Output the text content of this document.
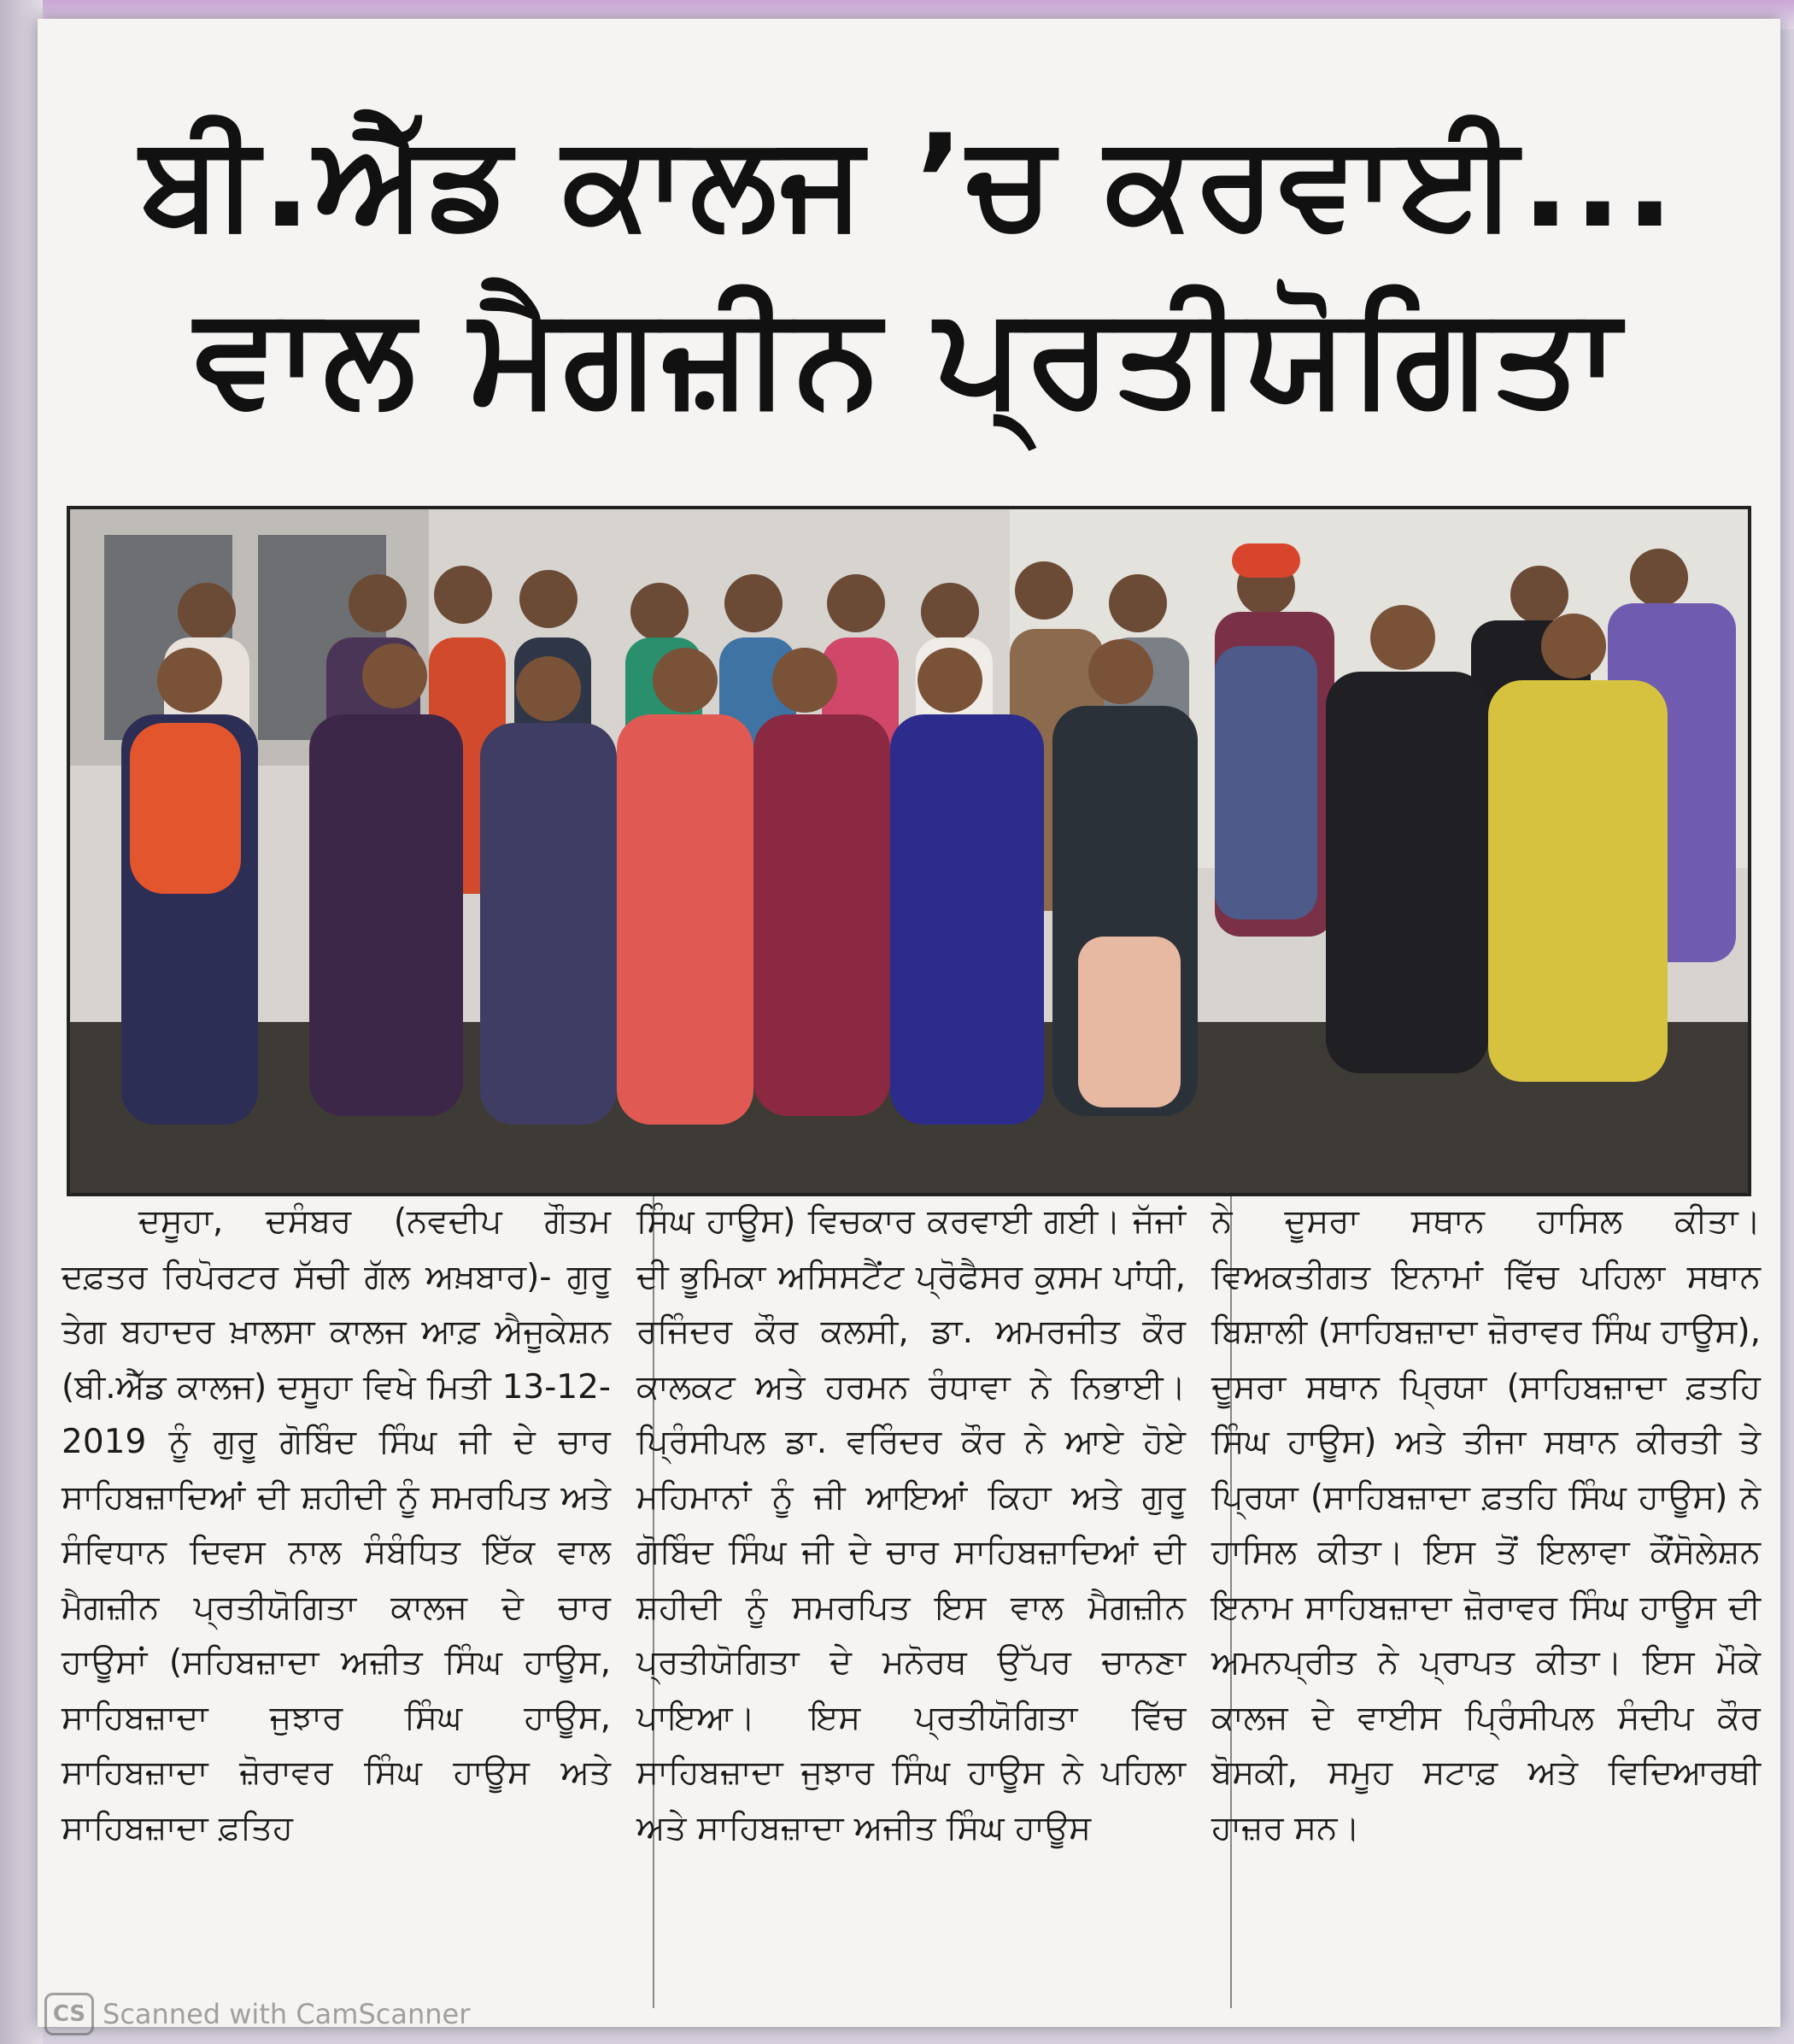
ਬੀ.ਐੱਡ ਕਾਲਜ ’ਚ ਕਰਵਾਈ...
ਵਾਲ ਮੈਗਜ਼ੀਨ ਪ੍ਰਤੀਯੋਗਿਤਾ

ਦਸੂਹਾ, ਦਸੰਬਰ (ਨਵਦੀਪ ਗੌਤਮ ਦਫ਼ਤਰ ਰਿਪੋਰਟਰ ਸੱਚੀ ਗੱਲ ਅਖ਼ਬਾਰ)- ਗੁਰੂ ਤੇਗ ਬਹਾਦਰ ਖ਼ਾਲਸਾ ਕਾਲਜ ਆਫ਼ ਐਜੂਕੇਸ਼ਨ (ਬੀ.ਐੱਡ ਕਾਲਜ) ਦਸੂਹਾ ਵਿਖੇ ਮਿਤੀ 13-12- 2019 ਨੂੰ ਗੁਰੂ ਗੋਬਿੰਦ ਸਿੰਘ ਜੀ ਦੇ ਚਾਰ ਸਾਹਿਬਜ਼ਾਦਿਆਂ ਦੀ ਸ਼ਹੀਦੀ ਨੂੰ ਸਮਰਪਿਤ ਅਤੇ ਸੰਵਿਧਾਨ ਦਿਵਸ ਨਾਲ ਸੰਬੰਧਿਤ ਇੱਕ ਵਾਲ ਮੈਗਜ਼ੀਨ ਪ੍ਰਤੀਯੋਗਿਤਾ ਕਾਲਜ ਦੇ ਚਾਰ ਹਾਊਸਾਂ (ਸਹਿਬਜ਼ਾਦਾ ਅਜ਼ੀਤ ਸਿੰਘ ਹਾਊਸ, ਸਾਹਿਬਜ਼ਾਦਾ ਜੁਝਾਰ ਸਿੰਘ ਹਾਊਸ, ਸਾਹਿਬਜ਼ਾਦਾ ਜ਼ੋਰਾਵਰ ਸਿੰਘ ਹਾਊਸ ਅਤੇ ਸਾਹਿਬਜ਼ਾਦਾ ਫ਼ਤਿਹ

ਸਿੰਘ ਹਾਊਸ) ਵਿਚਕਾਰ ਕਰਵਾਈ ਗਈ। ਜੱਜਾਂ ਦੀ ਭੂਮਿਕਾ ਅਸਿਸਟੈਂਟ ਪ੍ਰੋਫੈਸਰ ਕੁਸਮ ਪਾਂਧੀ, ਰਜਿੰਦਰ ਕੌਰ ਕਲਸੀ, ਡਾ. ਅਮਰਜੀਤ ਕੌਰ ਕਾਲਕਟ ਅਤੇ ਹਰਮਨ ਰੰਧਾਵਾ ਨੇ ਨਿਭਾਈ। ਪ੍ਰਿੰਸੀਪਲ ਡਾ. ਵਰਿੰਦਰ ਕੌਰ ਨੇ ਆਏ ਹੋਏ ਮਹਿਮਾਨਾਂ ਨੂੰ ਜੀ ਆਇਆਂ ਕਿਹਾ ਅਤੇ ਗੁਰੂ ਗੋਬਿੰਦ ਸਿੰਘ ਜੀ ਦੇ ਚਾਰ ਸਾਹਿਬਜ਼ਾਦਿਆਂ ਦੀ ਸ਼ਹੀਦੀ ਨੂੰ ਸਮਰਪਿਤ ਇਸ ਵਾਲ ਮੈਗਜ਼ੀਨ ਪ੍ਰਤੀਯੋਗਿਤਾ ਦੇ ਮਨੋਰਥ ਉੱਪਰ ਚਾਨਣਾ ਪਾਇਆ। ਇਸ ਪ੍ਰਤੀਯੋਗਿਤਾ ਵਿੱਚ ਸਾਹਿਬਜ਼ਾਦਾ ਜੁਝਾਰ ਸਿੰਘ ਹਾਊਸ ਨੇ ਪਹਿਲਾ ਅਤੇ ਸਾਹਿਬਜ਼ਾਦਾ ਅਜੀਤ ਸਿੰਘ ਹਾਊਸ

ਨੇ ਦੂਸਰਾ ਸਥਾਨ ਹਾਸਿਲ ਕੀਤਾ। ਵਿਅਕਤੀਗਤ ਇਨਾਮਾਂ ਵਿੱਚ ਪਹਿਲਾ ਸਥਾਨ ਬਿਸ਼ਾਲੀ (ਸਾਹਿਬਜ਼ਾਦਾ ਜ਼ੋਰਾਵਰ ਸਿੰਘ ਹਾਊਸ), ਦੂਸਰਾ ਸਥਾਨ ਪ੍ਰਿਯਾ (ਸਾਹਿਬਜ਼ਾਦਾ ਫ਼ਤਹਿ ਸਿੰਘ ਹਾਊਸ) ਅਤੇ ਤੀਜਾ ਸਥਾਨ ਕੀਰਤੀ ਤੇ ਪ੍ਰਿਯਾ (ਸਾਹਿਬਜ਼ਾਦਾ ਫ਼ਤਹਿ ਸਿੰਘ ਹਾਊਸ) ਨੇ ਹਾਸਿਲ ਕੀਤਾ। ਇਸ ਤੋਂ ਇਲਾਵਾ ਕੌਂਸੋਲੇਸ਼ਨ ਇਨਾਮ ਸਾਹਿਬਜ਼ਾਦਾ ਜ਼ੋਰਾਵਰ ਸਿੰਘ ਹਾਊਸ ਦੀ ਅਮਨਪ੍ਰੀਤ ਨੇ ਪ੍ਰਾਪਤ ਕੀਤਾ। ਇਸ ਮੌਕੇ ਕਾਲਜ ਦੇ ਵਾਈਸ ਪ੍ਰਿੰਸੀਪਲ ਸੰਦੀਪ ਕੌਰ ਬੋਸਕੀ, ਸਮੂਹ ਸਟਾਫ਼ ਅਤੇ ਵਿਦਿਆਰਥੀ ਹਾਜ਼ਰ ਸਨ।

CS Scanned with CamScanner
